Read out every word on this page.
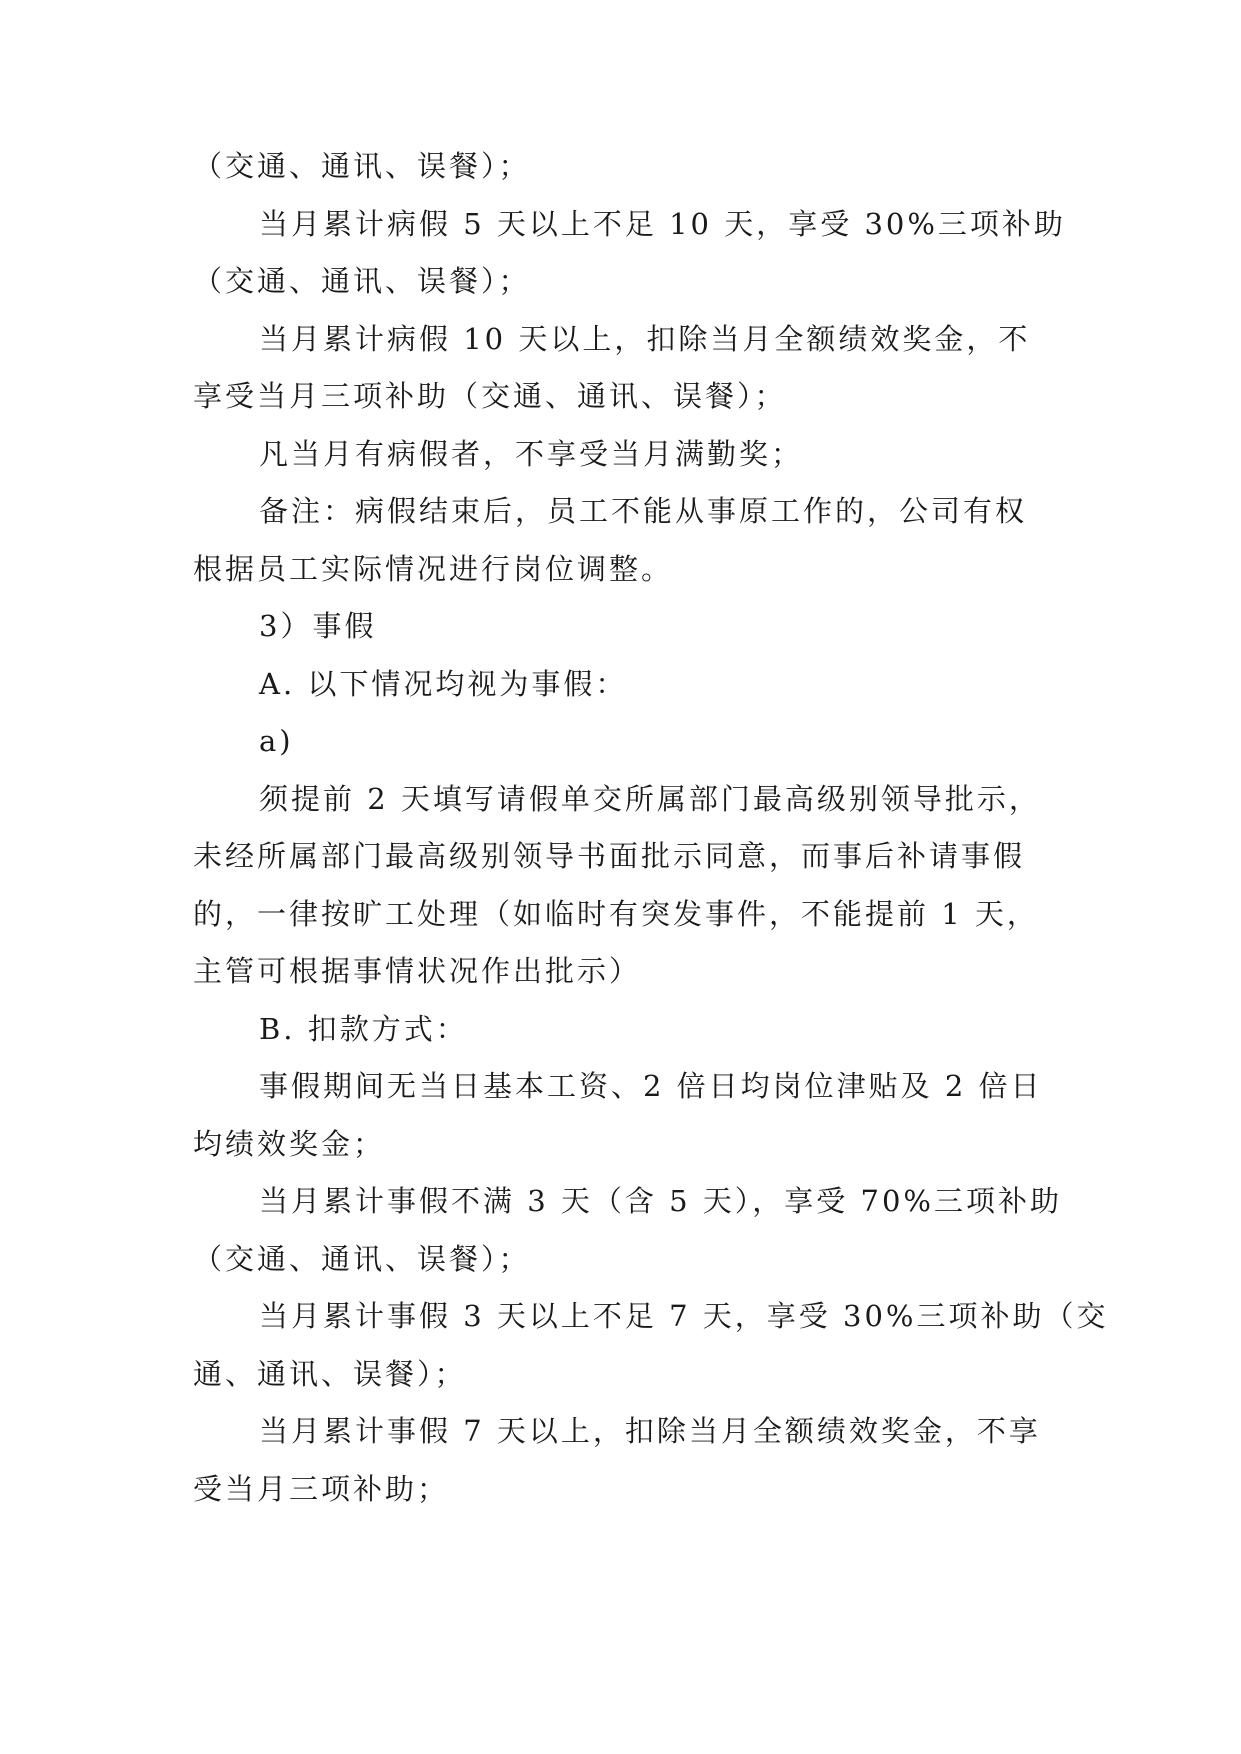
（交通、通讯、误餐）；
当月累计病假 5 天以上不足 10 天，享受 30%三项补助
（交通、通讯、误餐）；
当月累计病假 10 天以上，扣除当月全额绩效奖金，不
享受当月三项补助（交通、通讯、误餐）；
凡当月有病假者，不享受当月满勤奖；
备注：病假结束后，员工不能从事原工作的，公司有权
根据员工实际情况进行岗位调整。
3）事假
A. 以下情况均视为事假：
a)
须提前 2 天填写请假单交所属部门最高级别领导批示，
未经所属部门最高级别领导书面批示同意，而事后补请事假
的，一律按旷工处理（如临时有突发事件，不能提前 1 天，
主管可根据事情状况作出批示）
B. 扣款方式：
事假期间无当日基本工资、2 倍日均岗位津贴及 2 倍日
均绩效奖金；
当月累计事假不满 3 天（含 5 天），享受 70%三项补助
（交通、通讯、误餐）；
当月累计事假 3 天以上不足 7 天，享受 30%三项补助（交
通、通讯、误餐）；
当月累计事假 7 天以上，扣除当月全额绩效奖金，不享
受当月三项补助；
